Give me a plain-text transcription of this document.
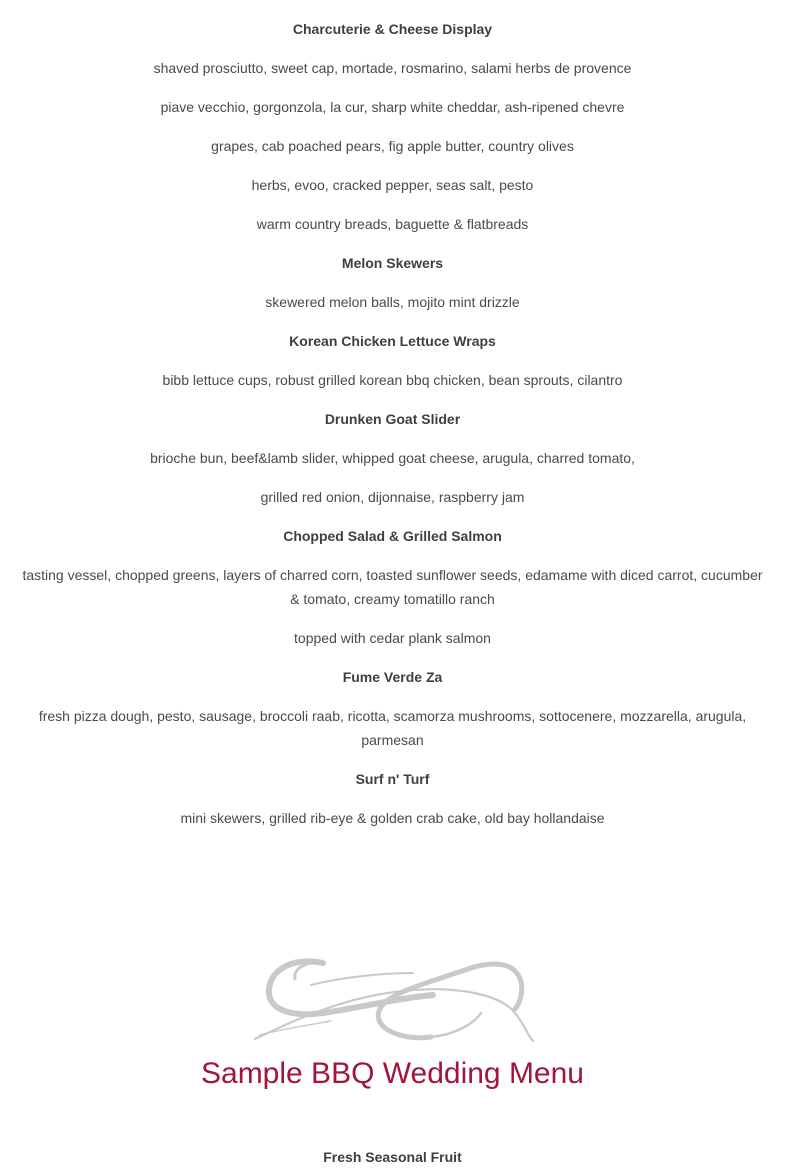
Charcuterie & Cheese Display

shaved prosciutto, sweet cap, mortade, rosmarino, salami herbs de provence

piave vecchio, gorgonzola, la cur, sharp white cheddar, ash-ripened chevre

grapes, cab poached pears, fig apple butter, country olives

herbs, evoo, cracked pepper, seas salt, pesto

warm country breads, baguette & flatbreads

Melon Skewers

skewered melon balls, mojito mint drizzle

Korean Chicken Lettuce Wraps

bibb lettuce cups, robust grilled korean bbq chicken, bean sprouts, cilantro

Drunken Goat Slider

brioche bun, beef&lamb slider, whipped goat cheese, arugula, charred tomato,

grilled red onion, dijonnaise, raspberry jam

Chopped Salad & Grilled Salmon

tasting vessel, chopped greens, layers of charred corn, toasted sunflower seeds, edamame with diced carrot, cucumber & tomato, creamy tomatillo ranch

topped with cedar plank salmon

Fume Verde Za

fresh pizza dough, pesto, sausage, broccoli raab, ricotta, scamorza mushrooms, sottocenere, mozzarella, arugula, parmesan

Surf n' Turf

mini skewers, grilled rib-eye & golden crab cake, old bay hollandaise

Sample BBQ Wedding Menu

Fresh Seasonal Fruit
